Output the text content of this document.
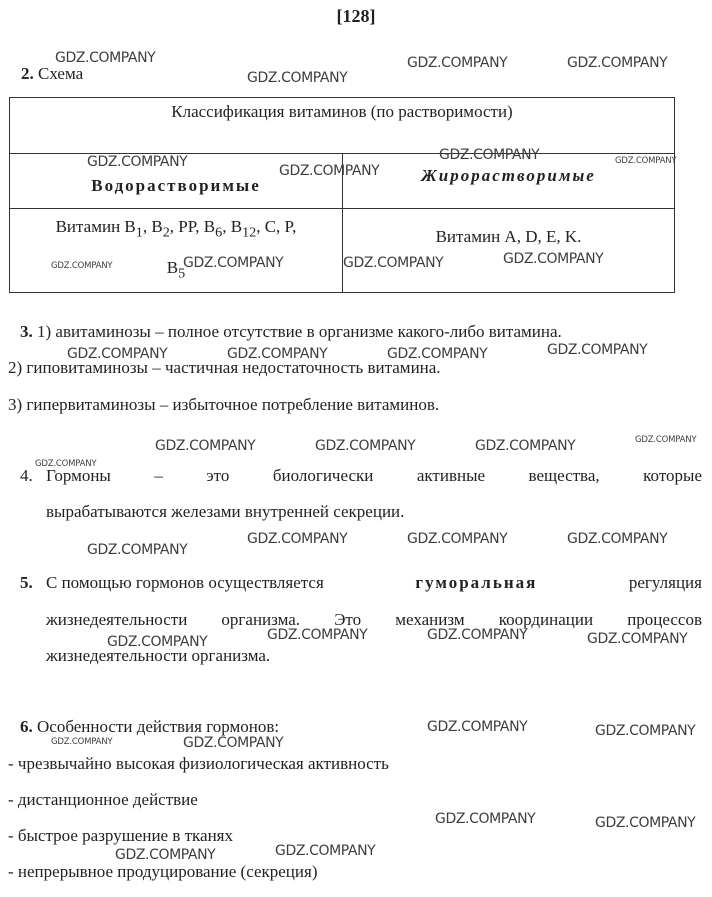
[128]
2. Схема
Классификация витаминов (по растворимости)	
Водорастворимые	Жирорастворимые
Витамин $B_1$, $B_2$, PP, $B_6$, $B_{12}$, C, P,
$B_5$	Витамин A, D, E, K.
3. 1) авитаминозы – полное отсутствие в организме какого-либо витамина.
2) гиповитаминозы – частичная недостаточность витамина.
3) гипервитаминозы – избыточное потребление витаминов.
4. Гормоны – это биологически активные вещества, которые
вырабатываются железами внутренней секреции.
5. С помощью гормонов осуществляется	гуморальная	регуляция
жизнедеятельности организма. Это механизм координации процессов
жизнедеятельности организма.
6. Особенности действия гормонов:
- чрезвычайно высокая физиологическая активность
- дистанционное действие
- быстрое разрушение в тканях
- непрерывное продуцирование (секреция)
GDZ.COMPANY
GDZ.COMPANY
GDZ.COMPANY	GDZ.COMPANY
GDZ.COMPANY
GDZ.COMPANY
GDZ.COMPANY	GDZ.COMPANY
GDZ.COMPANY	GDZ.COMPANY	GDZ.COMPANY	GDZ.COMPANY
GDZ.COMPANY	GDZ.COMPANY	GDZ.COMPANY	GDZ.COMPANY
GDZ.COMPANY	GDZ.COMPANY	GDZ.COMPANY	GDZ.COMPANY
GDZ.COMPANY
GDZ.COMPANY
GDZ.COMPANY	GDZ.COMPANY	GDZ.COMPANY
GDZ.COMPANY	GDZ.COMPANY	GDZ.COMPANY	GDZ.COMPANY
GDZ.COMPANY	GDZ.COMPANY
GDZ.COMPANY	GDZ.COMPANY
GDZ.COMPANY	GDZ.COMPANY
GDZ.COMPANY	GDZ.COMPANY
